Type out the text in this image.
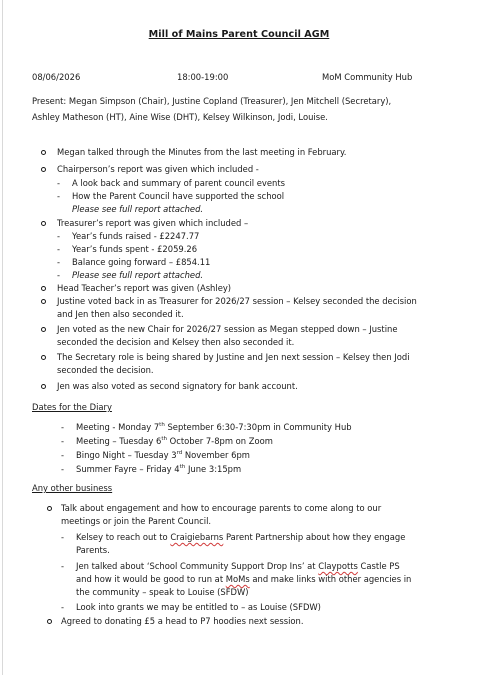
Mill of Mains Parent Council AGM
08/06/2026	18:00-19:00	MoM Community Hub
Present: Megan Simpson (Chair), Justine Copland (Treasurer), Jen Mitchell (Secretary),
Ashley Matheson (HT), Aine Wise (DHT), Kelsey Wilkinson, Jodi, Louise.
Megan talked through the Minutes from the last meeting in February.
Chairperson’s report was given which included -
- A look back and summary of parent council events
- How the Parent Council have supported the school
Please see full report attached.
Treasurer’s report was given which included –
- Year’s funds raised - £2247.77
- Year’s funds spent - £2059.26
- Balance going forward – £854.11
- Please see full report attached.
Head Teacher’s report was given (Ashley)
Justine voted back in as Treasurer for 2026/27 session – Kelsey seconded the decision
and Jen then also seconded it.
Jen voted as the new Chair for 2026/27 session as Megan stepped down – Justine
seconded the decision and Kelsey then also seconded it.
The Secretary role is being shared by Justine and Jen next session – Kelsey then Jodi
seconded the decision.
Jen was also voted as second signatory for bank account.
Dates for the Diary
- Meeting - Monday 7th September 6:30-7:30pm in Community Hub
- Meeting – Tuesday 6th October 7-8pm on Zoom
- Bingo Night – Tuesday 3rd November 6pm
- Summer Fayre – Friday 4th June 3:15pm
Any other business
Talk about engagement and how to encourage parents to come along to our
meetings or join the Parent Council.
- Kelsey to reach out to Craigiebarns Parent Partnership about how they engage
Parents.
- Jen talked about ‘School Community Support Drop Ins’ at Claypotts Castle PS
and how it would be good to run at MoMs and make links with other agencies in
the community – speak to Louise (SFDW)
- Look into grants we may be entitled to – as Louise (SFDW)
Agreed to donating £5 a head to P7 hoodies next session.
